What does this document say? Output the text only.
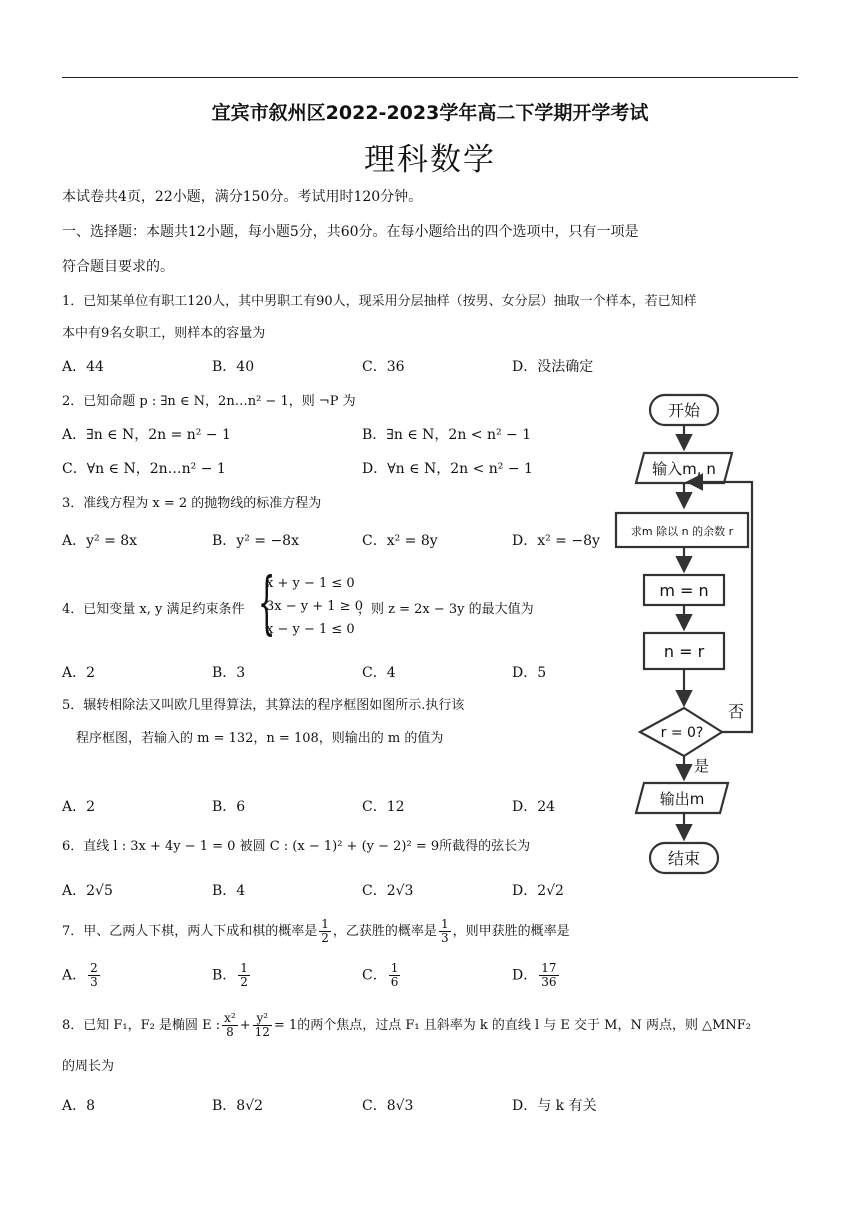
宜宾市叙州区2022-2023学年高二下学期开学考试
理科数学
本试卷共4页，22小题，满分150分。考试用时120分钟。
一、选择题：本题共12小题，每小题5分，共60分。在每小题给出的四个选项中，只有一项是
符合题目要求的。
1．已知某单位有职工120人，其中男职工有90人，现采用分层抽样（按男、女分层）抽取一个样本，若已知样
本中有9名女职工，则样本的容量为
A．44	B．40	C．36	D．没法确定
2．已知命题 p : ∃n ∈ N，2n…n² − 1，则 ¬P 为
A．∃n ∈ N，2n = n² − 1	B．∃n ∈ N，2n < n² − 1
C．∀n ∈ N，2n…n² − 1	D．∀n ∈ N，2n < n² − 1
3．准线方程为 x = 2 的抛物线的标准方程为
A．y² = 8x	B．y² = −8x	C．x² = 8y	D．x² = −8y
4．已知变量 x, y 满足约束条件 {
x + y − 1 ≤ 0
3x − y + 1 ≥ 0
x − y − 1 ≤ 0
，则 z = 2x − 3y 的最大值为
A．2	B．3	C．4	D．5
5．辗转相除法又叫欧几里得算法，其算法的程序框图如图所示.执行该
程序框图，若输入的 m = 132，n = 108，则输出的 m 的值为
A．2	B．6	C．12	D．24
6．直线 l : 3x + 4y − 1 = 0 被圆 C : (x − 1)² + (y − 2)² = 9所截得的弦长为
A．2√5	B．4	C．2√3	D．2√2
7．甲、乙两人下棋，两人下成和棋的概率是 $\frac{1}{2}$ ，乙获胜的概率是 $\frac{1}{3}$ ，则甲获胜的概率是
A． $\frac{2}{3}$	B． $\frac{1}{2}$	C． $\frac{1}{6}$	D． $\frac{17}{36}$
8．已知 F₁，F₂ 是椭圆 E : $\frac{\text{x²}}{8} + \frac{\text{y²}}{12} = 1$的两个焦点，过点 F₁ 且斜率为 k 的直线 l 与 E 交于 M，N 两点，则 △MNF₂
的周长为
A．8	B．8√2	C．8√3	D．与 k 有关
开始
输入m, n
求m 除以 n 的余数 r
m = n
n = r
r = 0?
否
是
输出m
结束
